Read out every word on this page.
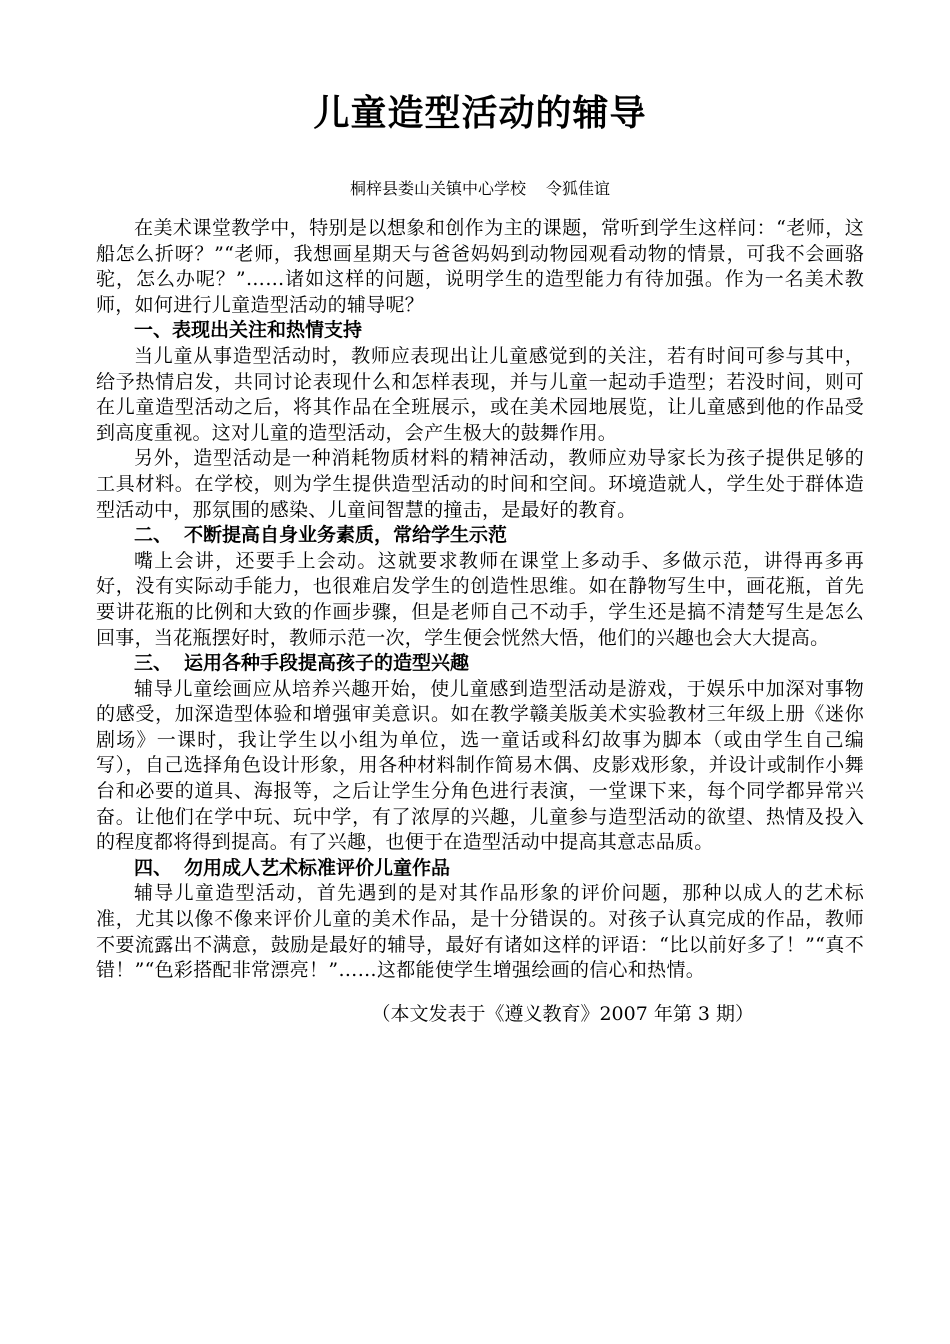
儿童造型活动的辅导
桐梓县娄山关镇中心学校 令狐佳谊

在美术课堂教学中，特别是以想象和创作为主的课题，常听到学生这样问：“老师，这船怎么折呀？”“老师，我想画星期天与爸爸妈妈到动物园观看动物的情景，可我不会画骆驼，怎么办呢？”……诸如这样的问题，说明学生的造型能力有待加强。作为一名美术教师，如何进行儿童造型活动的辅导呢？

一、表现出关注和热情支持

当儿童从事造型活动时，教师应表现出让儿童感觉到的关注，若有时间可参与其中，给予热情启发，共同讨论表现什么和怎样表现，并与儿童一起动手造型；若没时间，则可在儿童造型活动之后，将其作品在全班展示，或在美术园地展览，让儿童感到他的作品受到高度重视。这对儿童的造型活动，会产生极大的鼓舞作用。

另外，造型活动是一种消耗物质材料的精神活动，教师应劝导家长为孩子提供足够的工具材料。在学校，则为学生提供造型活动的时间和空间。环境造就人，学生处于群体造型活动中，那氛围的感染、儿童间智慧的撞击，是最好的教育。

二、 不断提高自身业务素质，常给学生示范

嘴上会讲，还要手上会动。这就要求教师在课堂上多动手、多做示范，讲得再多再好，没有实际动手能力，也很难启发学生的创造性思维。如在静物写生中，画花瓶，首先要讲花瓶的比例和大致的作画步骤，但是老师自己不动手，学生还是搞不清楚写生是怎么回事，当花瓶摆好时，教师示范一次，学生便会恍然大悟，他们的兴趣也会大大提高。

三、 运用各种手段提高孩子的造型兴趣

辅导儿童绘画应从培养兴趣开始，使儿童感到造型活动是游戏，于娱乐中加深对事物的感受，加深造型体验和增强审美意识。如在教学赣美版美术实验教材三年级上册《迷你剧场》一课时，我让学生以小组为单位，选一童话或科幻故事为脚本（或由学生自己编写），自己选择角色设计形象，用各种材料制作简易木偶、皮影戏形象，并设计或制作小舞台和必要的道具、海报等，之后让学生分角色进行表演，一堂课下来，每个同学都异常兴奋。让他们在学中玩、玩中学，有了浓厚的兴趣，儿童参与造型活动的欲望、热情及投入的程度都将得到提高。有了兴趣，也便于在造型活动中提高其意志品质。

四、 勿用成人艺术标准评价儿童作品

辅导儿童造型活动，首先遇到的是对其作品形象的评价问题，那种以成人的艺术标准，尤其以像不像来评价儿童的美术作品，是十分错误的。对孩子认真完成的作品，教师不要流露出不满意，鼓励是最好的辅导，最好有诸如这样的评语：“比以前好多了！”“真不错！”“色彩搭配非常漂亮！”……这都能使学生增强绘画的信心和热情。

（本文发表于《遵义教育》2007 年第 3 期）
